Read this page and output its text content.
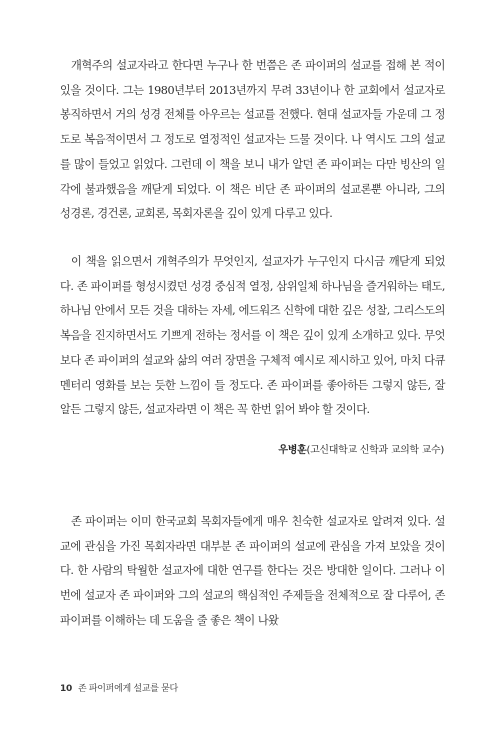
개혁주의 설교자라고 한다면 누구나 한 번쯤은 존 파이퍼의 설교를 접해 본 적이 있을 것이다. 그는 1980년부터 2013년까지 무려 33년이나 한 교회에서 설교자로 봉직하면서 거의 성경 전체를 아우르는 설교를 전했다. 현대 설교자들 가운데 그 정도로 복음적이면서 그 정도로 열정적인 설교자는 드물 것이다. 나 역시도 그의 설교를 많이 들었고 읽었다. 그런데 이 책을 보니 내가 알던 존 파이퍼는 다만 빙산의 일각에 불과했음을 깨닫게 되었다. 이 책은 비단 존 파이퍼의 설교론뿐 아니라, 그의 성경론, 경건론, 교회론, 목회자론을 깊이 있게 다루고 있다.

이 책을 읽으면서 개혁주의가 무엇인지, 설교자가 누구인지 다시금 깨닫게 되었다. 존 파이퍼를 형성시켰던 성경 중심적 열정, 삼위일체 하나님을 즐거워하는 태도, 하나님 안에서 모든 것을 대하는 자세, 에드워즈 신학에 대한 깊은 성찰, 그리스도의 복음을 진지하면서도 기쁘게 전하는 정서를 이 책은 깊이 있게 소개하고 있다. 무엇보다 존 파이퍼의 설교와 삶의 여러 장면을 구체적 예시로 제시하고 있어, 마치 다큐멘터리 영화를 보는 듯한 느낌이 들 정도다. 존 파이퍼를 좋아하든 그렇지 않든, 잘 알든 그렇지 않든, 설교자라면 이 책은 꼭 한번 읽어 봐야 할 것이다.

우병훈(고신대학교 신학과 교의학 교수)

존 파이퍼는 이미 한국교회 목회자들에게 매우 친숙한 설교자로 알려져 있다. 설교에 관심을 가진 목회자라면 대부분 존 파이퍼의 설교에 관심을 가져 보았을 것이다. 한 사람의 탁월한 설교자에 대한 연구를 한다는 것은 방대한 일이다. 그러나 이번에 설교자 존 파이퍼와 그의 설교의 핵심적인 주제들을 전체적으로 잘 다루어, 존 파이퍼를 이해하는 데 도움을 줄 좋은 책이 나왔

10 존 파이퍼에게 설교를 묻다
